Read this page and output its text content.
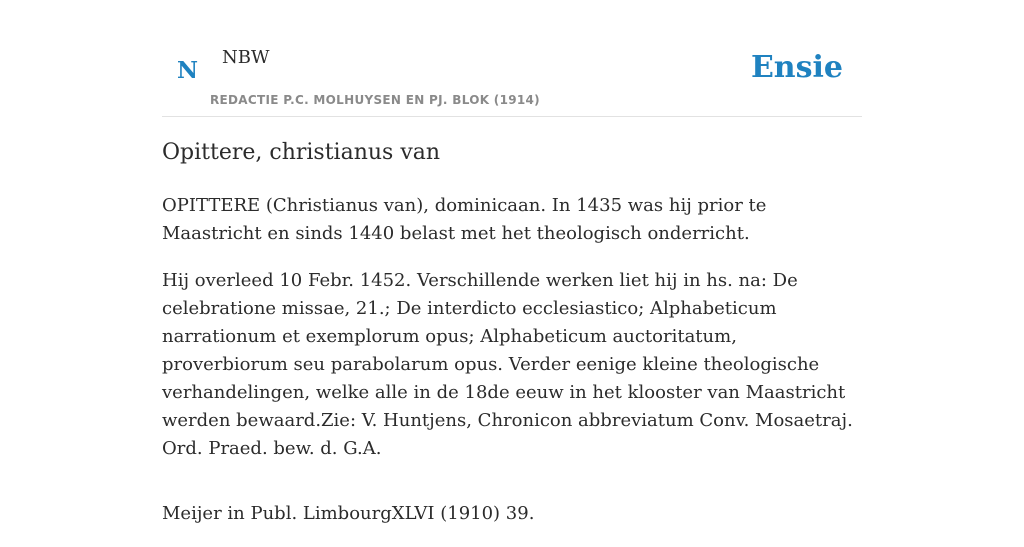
N NBW
REDACTIE P.C. MOLHUYSEN EN PJ. BLOK (1914)
Ensie
Opittere, christianus van

OPITTERE (Christianus van), dominicaan. In 1435 was hij prior te Maastricht en sinds 1440 belast met het theologisch onderricht.

Hij overleed 10 Febr. 1452. Verschillende werken liet hij in hs. na: De celebratione missae, 21.; De interdicto ecclesiastico; Alphabeticum narrationum et exemplorum opus; Alphabeticum auctoritatum, proverbiorum seu parabolarum opus. Verder eenige kleine theologische verhandelingen, welke alle in de 18de eeuw in het klooster van Maastricht werden bewaard.Zie: V. Huntjens, Chronicon abbreviatum Conv. Mosaetraj. Ord. Praed. bew. d. G.A.

Meijer in Publ. LimbourgXLVI (1910) 39.
